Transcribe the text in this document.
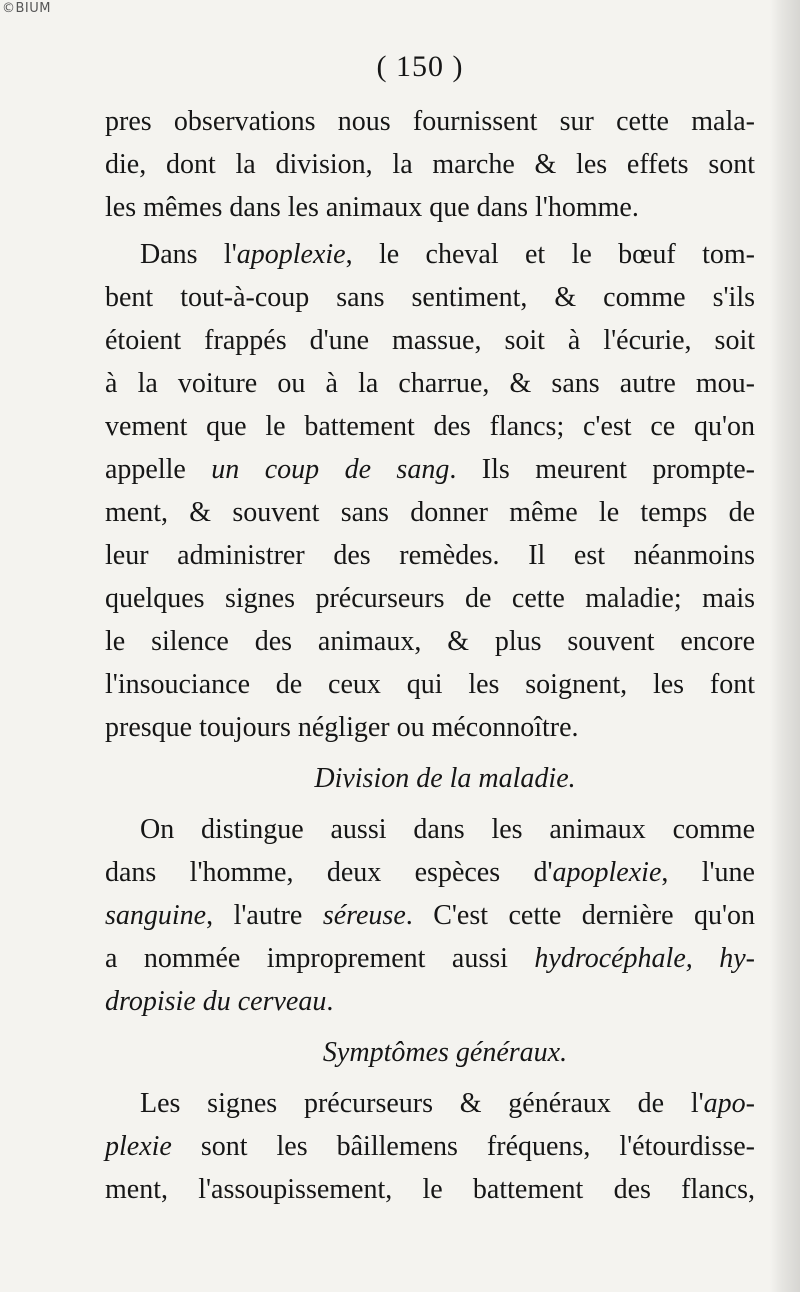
©BIUM
( 150 )
pres observations nous fournissent sur cette mala-
die, dont la division, la marche & les effets sont
les mêmes dans les animaux que dans l'homme.
Dans l'apoplexie, le cheval et le bœuf tom-
bent tout-à-coup sans sentiment, & comme s'ils
étoient frappés d'une massue, soit à l'écurie, soit
à la voiture ou à la charrue, & sans autre mou-
vement que le battement des flancs; c'est ce qu'on
appelle un coup de sang. Ils meurent prompte-
ment, & souvent sans donner même le temps de
leur administrer des remèdes. Il est néanmoins
quelques signes précurseurs de cette maladie; mais
le silence des animaux, & plus souvent encore
l'insouciance de ceux qui les soignent, les font
presque toujours négliger ou méconnoître.
Division de la maladie.
On distingue aussi dans les animaux comme
dans l'homme, deux espèces d'apoplexie, l'une
sanguine, l'autre séreuse. C'est cette dernière qu'on
a nommée improprement aussi hydrocéphale, hy-
dropisie du cerveau.
Symptômes généraux.
Les signes précurseurs & généraux de l'apo-
plexie sont les bâillemens fréquens, l'étourdisse-
ment, l'assoupissement, le battement des flancs,
